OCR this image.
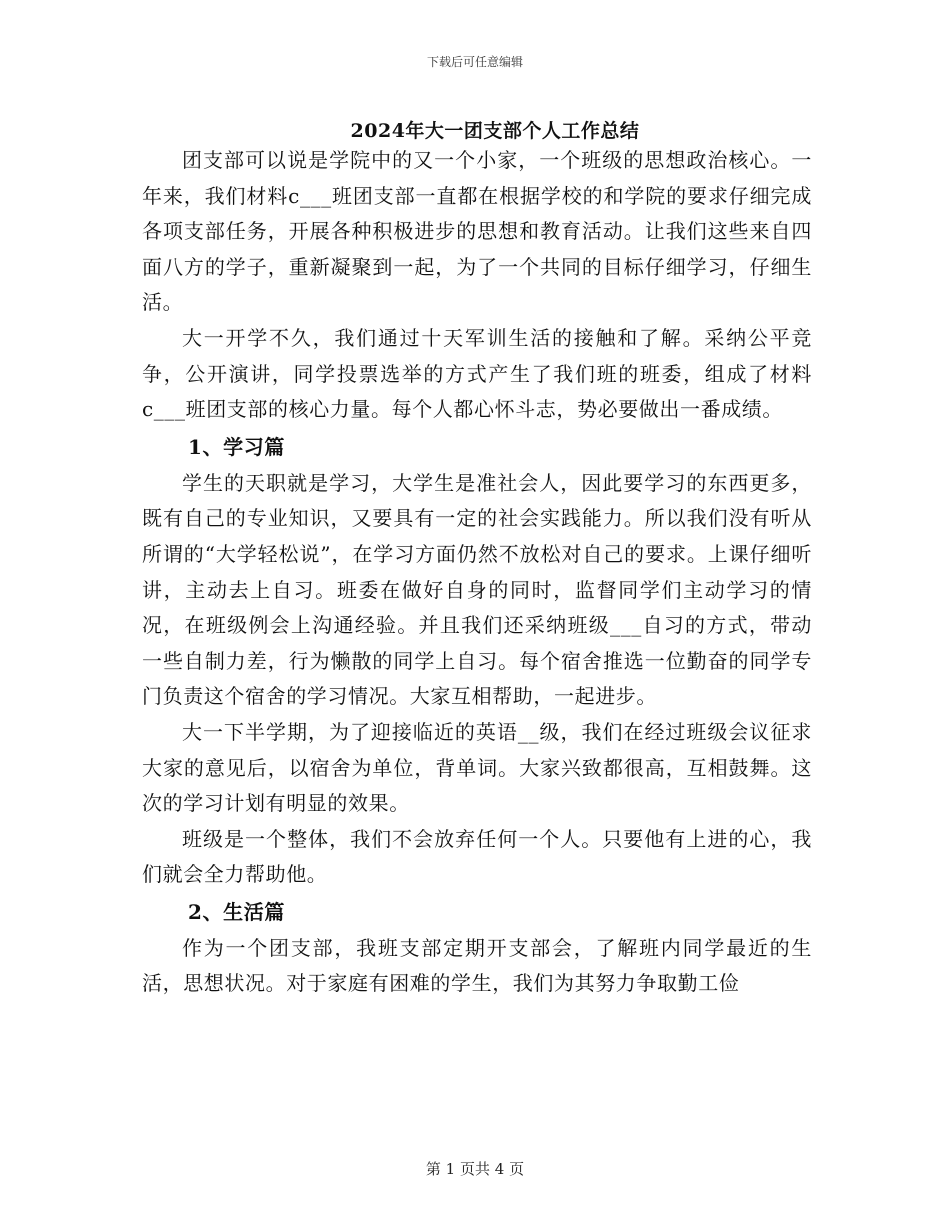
下载后可任意编辑
2024年大一团支部个人工作总结

团支部可以说是学院中的又一个小家，一个班级的思想政治核心。一年来，我们材料c___班团支部一直都在根据学校的和学院的要求仔细完成各项支部任务，开展各种积极进步的思想和教育活动。让我们这些来自四面八方的学子，重新凝聚到一起，为了一个共同的目标仔细学习，仔细生活。

大一开学不久，我们通过十天军训生活的接触和了解。采纳公平竞争，公开演讲，同学投票选举的方式产生了我们班的班委，组成了材料c___班团支部的核心力量。每个人都心怀斗志，势必要做出一番成绩。

1、学习篇

学生的天职就是学习，大学生是准社会人，因此要学习的东西更多，既有自己的专业知识，又要具有一定的社会实践能力。所以我们没有听从所谓的“大学轻松说”，在学习方面仍然不放松对自己的要求。上课仔细听讲，主动去上自习。班委在做好自身的同时，监督同学们主动学习的情况，在班级例会上沟通经验。并且我们还采纳班级___自习的方式，带动一些自制力差，行为懒散的同学上自习。每个宿舍推选一位勤奋的同学专门负责这个宿舍的学习情况。大家互相帮助，一起进步。

大一下半学期，为了迎接临近的英语__级，我们在经过班级会议征求大家的意见后，以宿舍为单位，背单词。大家兴致都很高，互相鼓舞。这次的学习计划有明显的效果。

班级是一个整体，我们不会放弃任何一个人。只要他有上进的心，我们就会全力帮助他。

2、生活篇

作为一个团支部，我班支部定期开支部会，了解班内同学最近的生活，思想状况。对于家庭有困难的学生，我们为其努力争取勤工俭

第 1 页共 4 页
